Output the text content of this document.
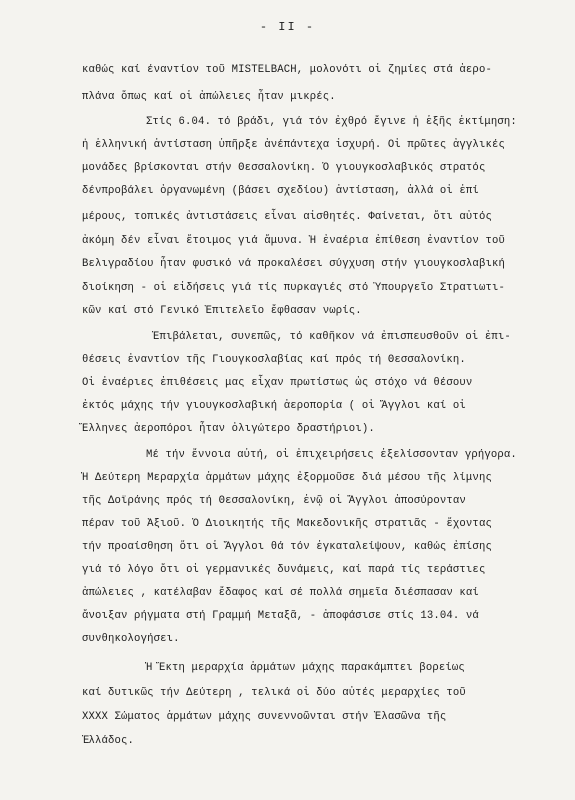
- II -
καθώς καί έναντίον τοῦ MISTELBACH, μολονότι οἱ ζημίες στά ἀερο-
πλάνα ὅπως καί οἱ ἀπώλειες ἦταν μικρές.
Στίς 6.04. τό βράδι, γιά τόν ἐχθρό ἔγινε ἡ ἑξῆς ἐκτίμηση:
ἡ ἑλληνική ἀντίσταση ὑπῆρξε ἀνέπάντεχα ἰσχυρή. Οἱ πρῶτες ἀγγλικές
μονάδες βρίσκονται στήν Θεσσαλονίκη. Ὁ γιουγκοσλαβικός στρατός
δένπροβάλει ὀργανωμένη (βάσει σχεδίου) ἀντίσταση, ἀλλά οἱ ἐπί
μέρους, τοπικές ἀντιστάσεις εἶναι αἰσθητές. Φαίνεται, ὅτι αὐτός
ἀκόμη δέν εἶναι ἕτοιμος γιά ἄμυνα. Ἡ ἐναέρια ἐπίθεση ἐναντίον τοῦ
Βελιγραδίου ἦταν φυσικό νά προκαλέσει σύγχυση στήν γιουγκοσλαβική
διοίκηση - οἱ εἰδήσεις γιά τίς πυρκαγιές στό Ὑπουργεῖο Στρατιωτι-
κῶν καί στό Γενικό Ἐπιτελεῖο ἔφθασαν νωρίς.
Ἐπιβάλεται, συνεπῶς, τό καθῆκον νά ἐπισπευσθοῦν οἱ ἐπι-
θέσεις ἐναντίον τῆς Γιουγκοσλαβίας καί πρός τή Θεσσαλονίκη.
Οἱ ἐναέριες ἐπιθέσεις μας εἶχαν πρωτίστως ὡς στόχο νά θέσουν
ἐκτός μάχης τήν γιουγκοσλαβική ἀεροπορία ( οἱ Ἄγγλοι καί οἱ
Ἕλληνες ἀεροπόροι ἦταν ὀλιγώτερο δραστήριοι).
Μέ τήν ἔννοια αὐτή, οἱ ἐπιχειρήσεις ἐξελίσσονταν γρήγορα.
Ἡ Δεύτερη Μεραρχία ἁρμάτων μάχης ἐξορμοῦσε διά μέσου τῆς λίμνης
τῆς Δοϊράνης πρός τή Θεσσαλονίκη, ἐνῷ οἱ Ἄγγλοι ἀποσύρονταν
πέραν τοῦ Ἀξιοῦ. Ὁ Διοικητής τῆς Μακεδονικῆς στρατιᾶς - ἔχοντας
τήν προαίσθηση ὅτι οἱ Ἄγγλοι θά τόν ἐγκαταλείψουν, καθώς ἐπίσης
γιά τό λόγο ὅτι οἱ γερμανικές δυνάμεις, καί παρά τίς τεράστιες
ἀπώλειες , κατέλαβαν ἔδαφος καί σέ πολλά σημεῖα διέσπασαν καί
ἄνοιξαν ρήγματα στή Γραμμή Μεταξᾶ, - ἀποφάσισε στίς 13.04. νά
συνθηκολογήσει.
Ἡ Ἕκτη μεραρχία ἁρμάτων μάχης παρακάμπτει βορείως
καί δυτικῶς τήν Δεύτερη , τελικά οἱ δύο αὐτές μεραρχίες τοῦ
XXXX Σώματος ἁρμάτων μάχης συνεννοῶνται στήν Ἐλασῶνα τῆς
Ἑλλάδος.
